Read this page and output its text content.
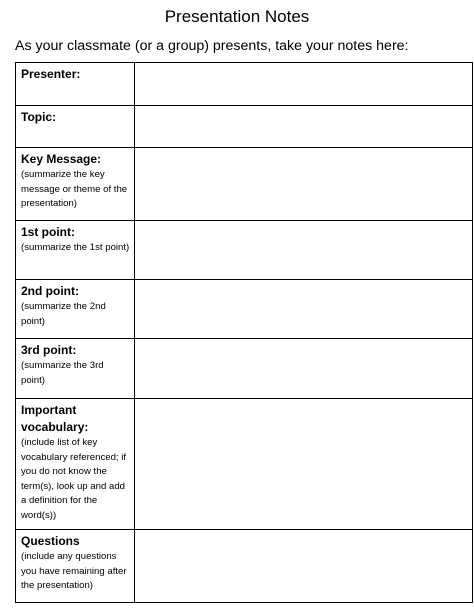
Presentation Notes
As your classmate (or a group) presents, take your notes here:
Presenter:	

Topic:	

Key Message:
(summarize the key message or theme of the presentation)	

1st point:
(summarize the 1st point)	

2nd point:
(summarize the 2nd point)	

3rd point:
(summarize the 3rd point)	

Important vocabulary:
(include list of key vocabulary referenced; if you do not know the term(s), look up and add a definition for the word(s))	

Questions
(include any questions you have remaining after the presentation)	
